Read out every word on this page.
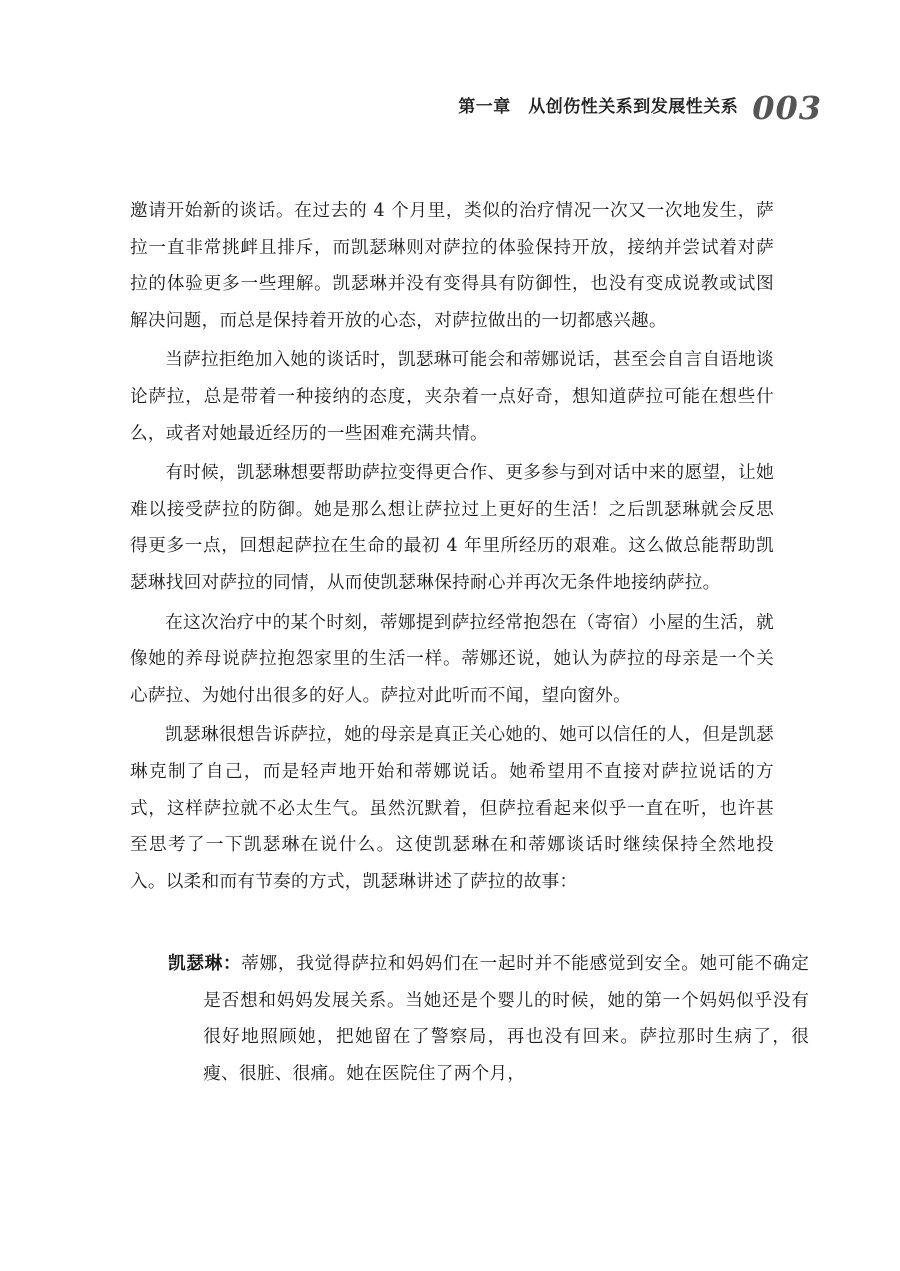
第一章　从创伤性关系到发展性关系 003

邀请开始新的谈话。在过去的 4 个月里，类似的治疗情况一次又一次地发生，萨拉一直非常挑衅且排斥，而凯瑟琳则对萨拉的体验保持开放，接纳并尝试着对萨拉的体验更多一些理解。凯瑟琳并没有变得具有防御性，也没有变成说教或试图解决问题，而总是保持着开放的心态，对萨拉做出的一切都感兴趣。

当萨拉拒绝加入她的谈话时，凯瑟琳可能会和蒂娜说话，甚至会自言自语地谈论萨拉，总是带着一种接纳的态度，夹杂着一点好奇，想知道萨拉可能在想些什么，或者对她最近经历的一些困难充满共情。

有时候，凯瑟琳想要帮助萨拉变得更合作、更多参与到对话中来的愿望，让她难以接受萨拉的防御。她是那么想让萨拉过上更好的生活！之后凯瑟琳就会反思得更多一点，回想起萨拉在生命的最初 4 年里所经历的艰难。这么做总能帮助凯瑟琳找回对萨拉的同情，从而使凯瑟琳保持耐心并再次无条件地接纳萨拉。

在这次治疗中的某个时刻，蒂娜提到萨拉经常抱怨在（寄宿）小屋的生活，就像她的养母说萨拉抱怨家里的生活一样。蒂娜还说，她认为萨拉的母亲是一个关心萨拉、为她付出很多的好人。萨拉对此听而不闻，望向窗外。

凯瑟琳很想告诉萨拉，她的母亲是真正关心她的、她可以信任的人，但是凯瑟琳克制了自己，而是轻声地开始和蒂娜说话。她希望用不直接对萨拉说话的方式，这样萨拉就不必太生气。虽然沉默着，但萨拉看起来似乎一直在听，也许甚至思考了一下凯瑟琳在说什么。这使凯瑟琳在和蒂娜谈话时继续保持全然地投入。以柔和而有节奏的方式，凯瑟琳讲述了萨拉的故事：

凯瑟琳：蒂娜，我觉得萨拉和妈妈们在一起时并不能感觉到安全。她可能不确定是否想和妈妈发展关系。当她还是个婴儿的时候，她的第一个妈妈似乎没有很好地照顾她，把她留在了警察局，再也没有回来。萨拉那时生病了，很瘦、很脏、很痛。她在医院住了两个月，
